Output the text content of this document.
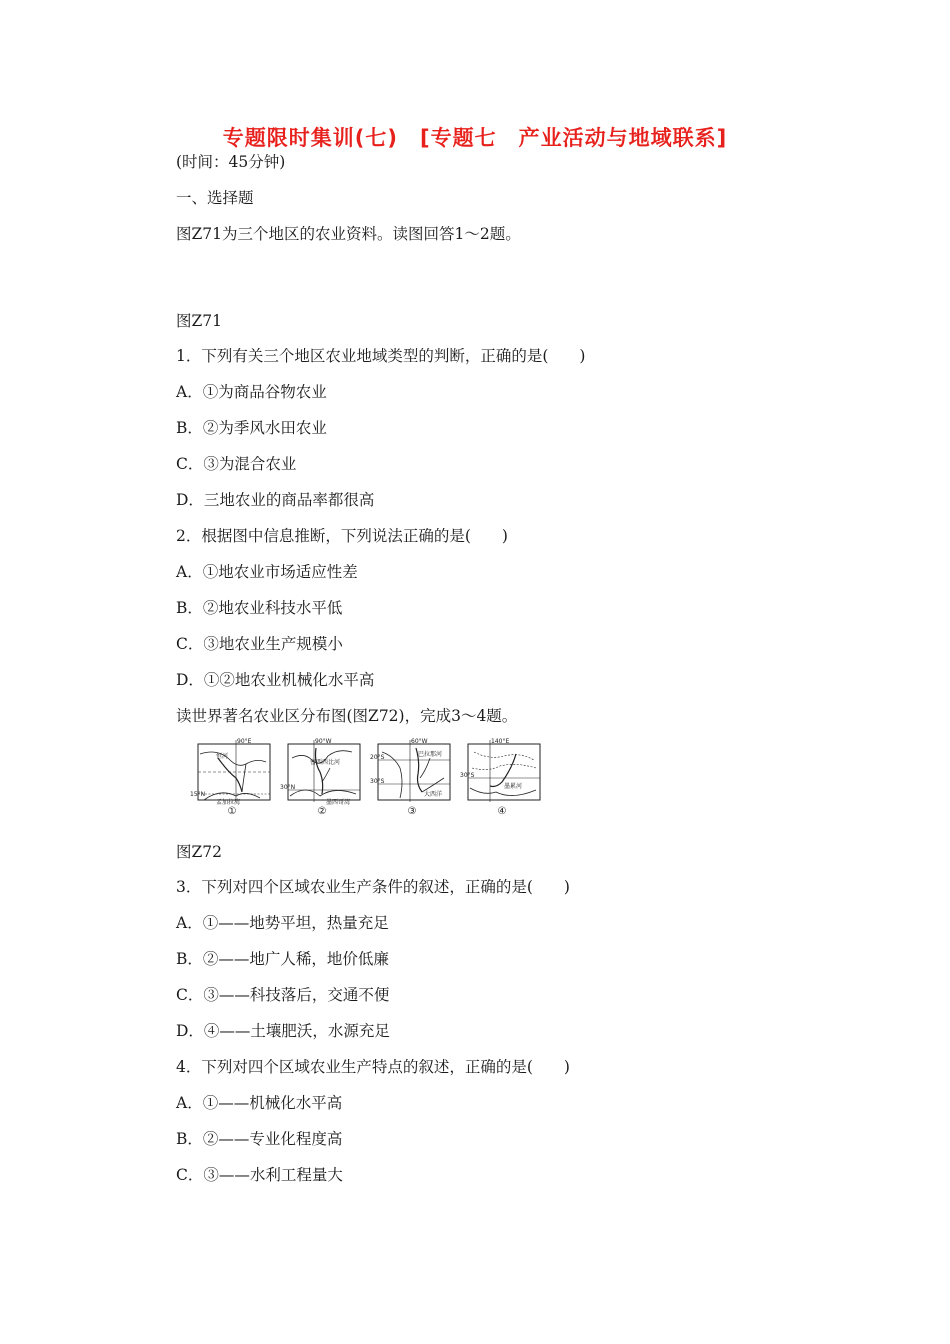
专题限时集训(七)　[专题七　产业活动与地域联系]
(时间：45分钟)
一、选择题
图Z71为三个地区的农业资料。读图回答1～2题。
图Z71
1．下列有关三个地区农业地域类型的判断，正确的是(　　)
A．①为商品谷物农业
B．②为季风水田农业
C．③为混合农业
D．三地农业的商品率都很高
2．根据图中信息推断，下列说法正确的是(　　)
A．①地农业市场适应性差
B．②地农业科技水平低
C．③地农业生产规模小
D．①②地农业机械化水平高
读世界著名农业区分布图(图Z72)，完成3～4题。
90°E
恒河
15°N
孟加拉湾
①
90°W
密西西比河
30°N
墨西哥湾
②
60°W
巴拉那河
20°S
30°S
大西洋
③
140°E
30°S
墨累河
④
图Z72
3．下列对四个区域农业生产条件的叙述，正确的是(　　)
A．①——地势平坦，热量充足
B．②——地广人稀，地价低廉
C．③——科技落后，交通不便
D．④——土壤肥沃，水源充足
4．下列对四个区域农业生产特点的叙述，正确的是(　　)
A．①——机械化水平高
B．②——专业化程度高
C．③——水利工程量大
